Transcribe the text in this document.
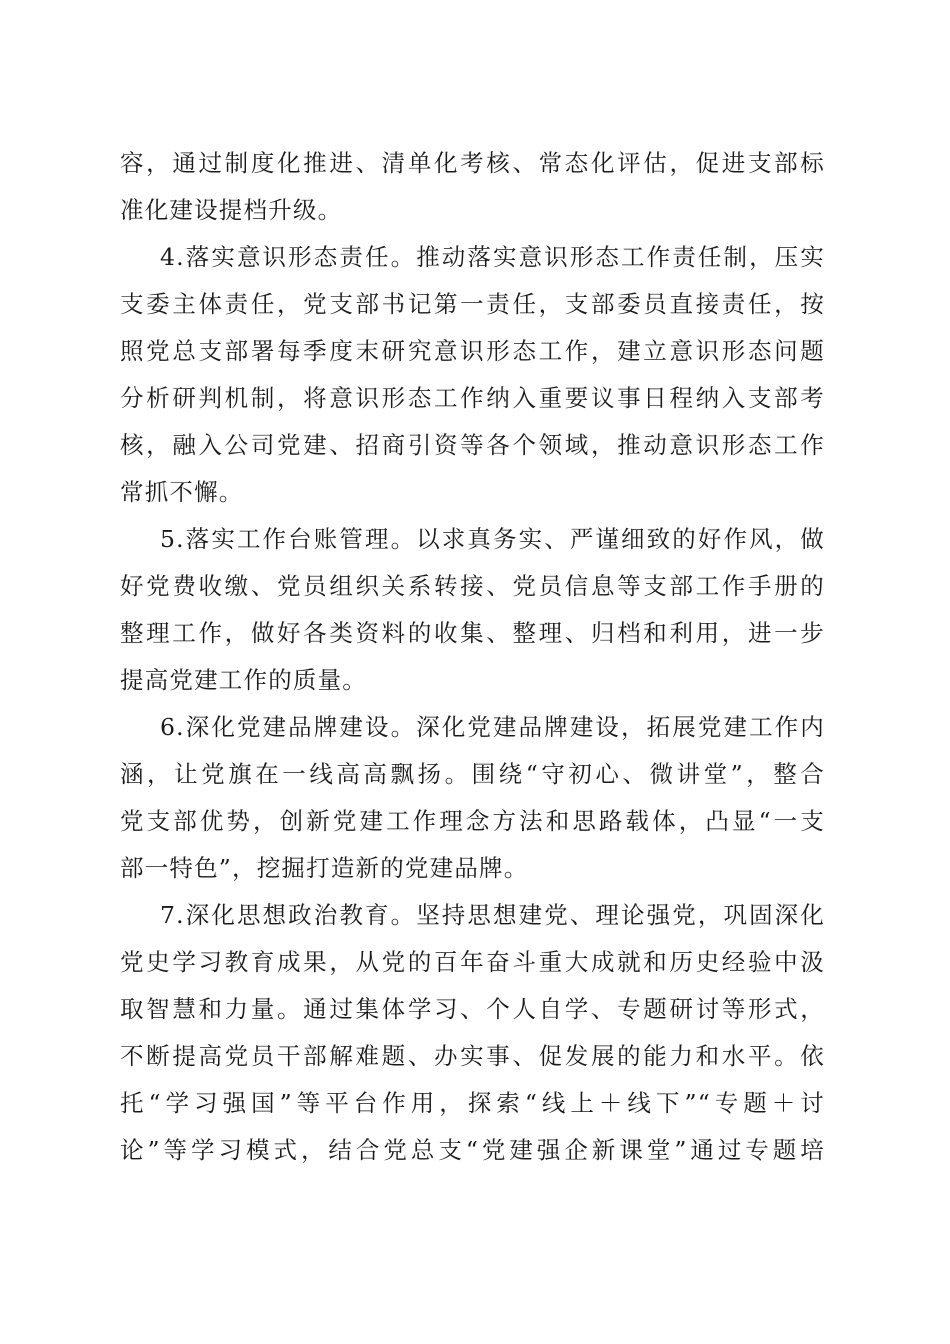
容，通过制度化推进、清单化考核、常态化评估，促进支部标
准化建设提档升级。
4.落实意识形态责任。推动落实意识形态工作责任制，压实
支委主体责任，党支部书记第一责任，支部委员直接责任，按
照党总支部署每季度末研究意识形态工作，建立意识形态问题
分析研判机制，将意识形态工作纳入重要议事日程纳入支部考
核，融入公司党建、招商引资等各个领域，推动意识形态工作
常抓不懈。
5.落实工作台账管理。以求真务实、严谨细致的好作风，做
好党费收缴、党员组织关系转接、党员信息等支部工作手册的
整理工作，做好各类资料的收集、整理、归档和利用，进一步
提高党建工作的质量。
6.深化党建品牌建设。深化党建品牌建设，拓展党建工作内
涵，让党旗在一线高高飘扬。围绕“守初心、微讲堂”，整合
党支部优势，创新党建工作理念方法和思路载体，凸显“一支
部一特色”，挖掘打造新的党建品牌。
7.深化思想政治教育。坚持思想建党、理论强党，巩固深化
党史学习教育成果，从党的百年奋斗重大成就和历史经验中汲
取智慧和力量。通过集体学习、个人自学、专题研讨等形式，
不断提高党员干部解难题、办实事、促发展的能力和水平。依
托“学习强国”等平台作用，探索“线上＋线下”“专题＋讨
论”等学习模式，结合党总支“党建强企新课堂”通过专题培
